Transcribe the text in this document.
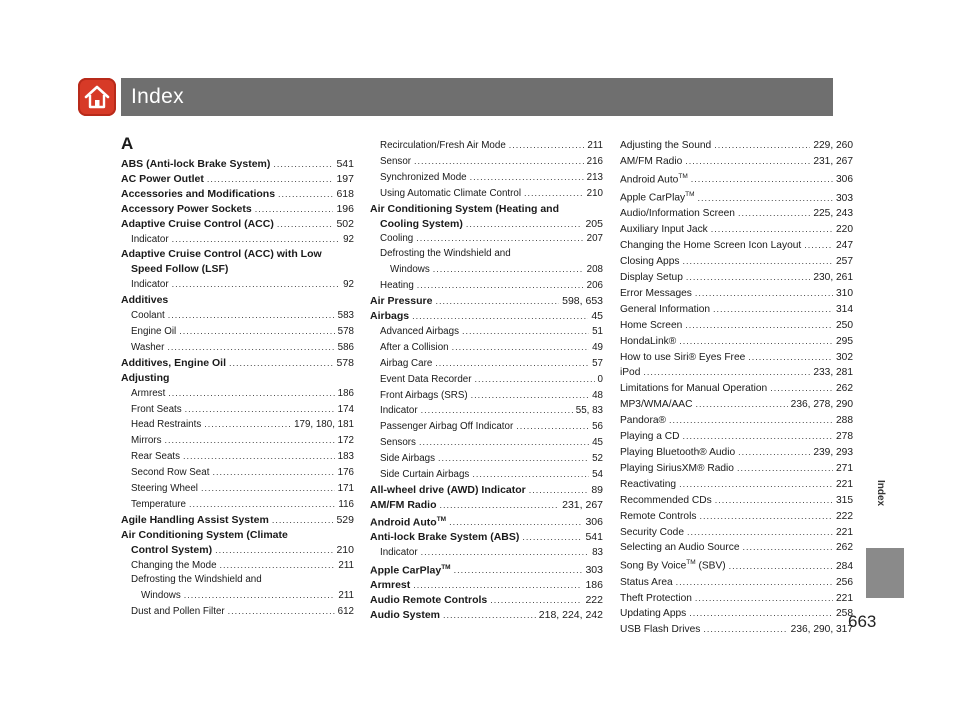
Index
A
ABS (Anti-lock Brake System) .....	541
AC Power Outlet .....	197
Accessories and Modifications .....	618
Accessory Power Sockets .....	196
Adaptive Cruise Control (ACC) .....	502
Indicator .....	92
Adaptive Cruise Control (ACC) with Low
Speed Follow (LSF)
Indicator .....	92
Additives
Coolant .....	583
Engine Oil .....	578
Washer .....	586
Additives, Engine Oil .....	578
Adjusting
Armrest .....	186
Front Seats .....	174
Head Restraints .....	179, 180, 181
Mirrors .....	172
Rear Seats .....	183
Second Row Seat .....	176
Steering Wheel .....	171
Temperature .....	116
Agile Handling Assist System .....	529
Air Conditioning System (Climate
Control System) .....	210
Changing the Mode .....	211
Defrosting the Windshield and
Windows .....	211
Dust and Pollen Filter .....	612
Recirculation/Fresh Air Mode .....	211
Sensor .....	216
Synchronized Mode .....	213
Using Automatic Climate Control .....	210
Air Conditioning System (Heating and
Cooling System) .....	205
Cooling .....	207
Defrosting the Windshield and
Windows .....	208
Heating .....	206
Air Pressure .....	598, 653
Airbags .....	45
Advanced Airbags .....	51
After a Collision .....	49
Airbag Care .....	57
Event Data Recorder .....	0
Front Airbags (SRS) .....	48
Indicator .....	55, 83
Passenger Airbag Off Indicator .....	56
Sensors .....	45
Side Airbags .....	52
Side Curtain Airbags .....	54
All-wheel drive (AWD) Indicator .....	89
AM/FM Radio .....	231, 267
Android Auto™ .....	306
Anti-lock Brake System (ABS) .....	541
Indicator .....	83
Apple CarPlay™ .....	303
Armrest .....	186
Audio Remote Controls .....	222
Audio System .....	218, 224, 242
Adjusting the Sound .....	229, 260
AM/FM Radio .....	231, 267
Android Auto™ .....	306
Apple CarPlay™ .....	303
Audio/Information Screen .....	225, 243
Auxiliary Input Jack .....	220
Changing the Home Screen Icon Layout .....	247
Closing Apps .....	257
Display Setup .....	230, 261
Error Messages .....	310
General Information .....	314
Home Screen .....	250
HondaLink® .....	295
How to use Siri® Eyes Free .....	302
iPod .....	233, 281
Limitations for Manual Operation .....	262
MP3/WMA/AAC .....	236, 278, 290
Pandora® .....	288
Playing a CD .....	278
Playing Bluetooth® Audio .....	239, 293
Playing SiriusXM® Radio .....	271
Reactivating .....	221
Recommended CDs .....	315
Remote Controls .....	222
Security Code .....	221
Selecting an Audio Source .....	262
Song By Voice™ (SBV) .....	284
Status Area .....	256
Theft Protection .....	221
Updating Apps .....	258
USB Flash Drives .....	236, 290, 317
Index
663
